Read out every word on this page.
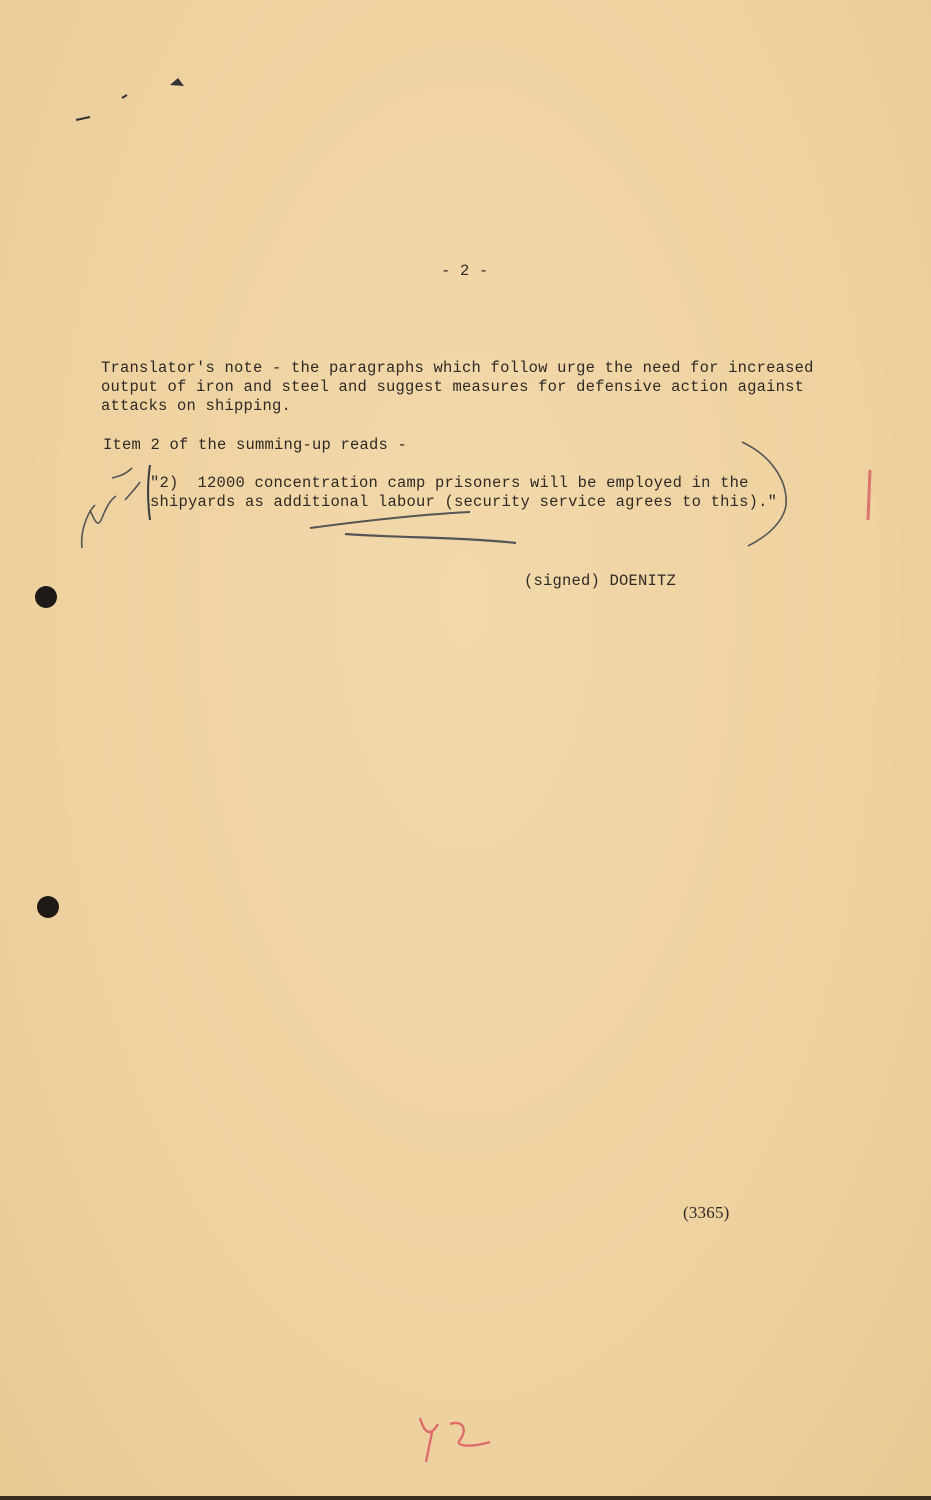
- 2 -
Translator's note - the paragraphs which follow urge the need for increased
output of iron and steel and suggest measures for defensive action against
attacks on shipping.
Item 2 of the summing-up reads -
"2)  12000 concentration camp prisoners will be employed in the
shipyards as additional labour (security service agrees to this)."
(signed) DOENITZ
(3365)
